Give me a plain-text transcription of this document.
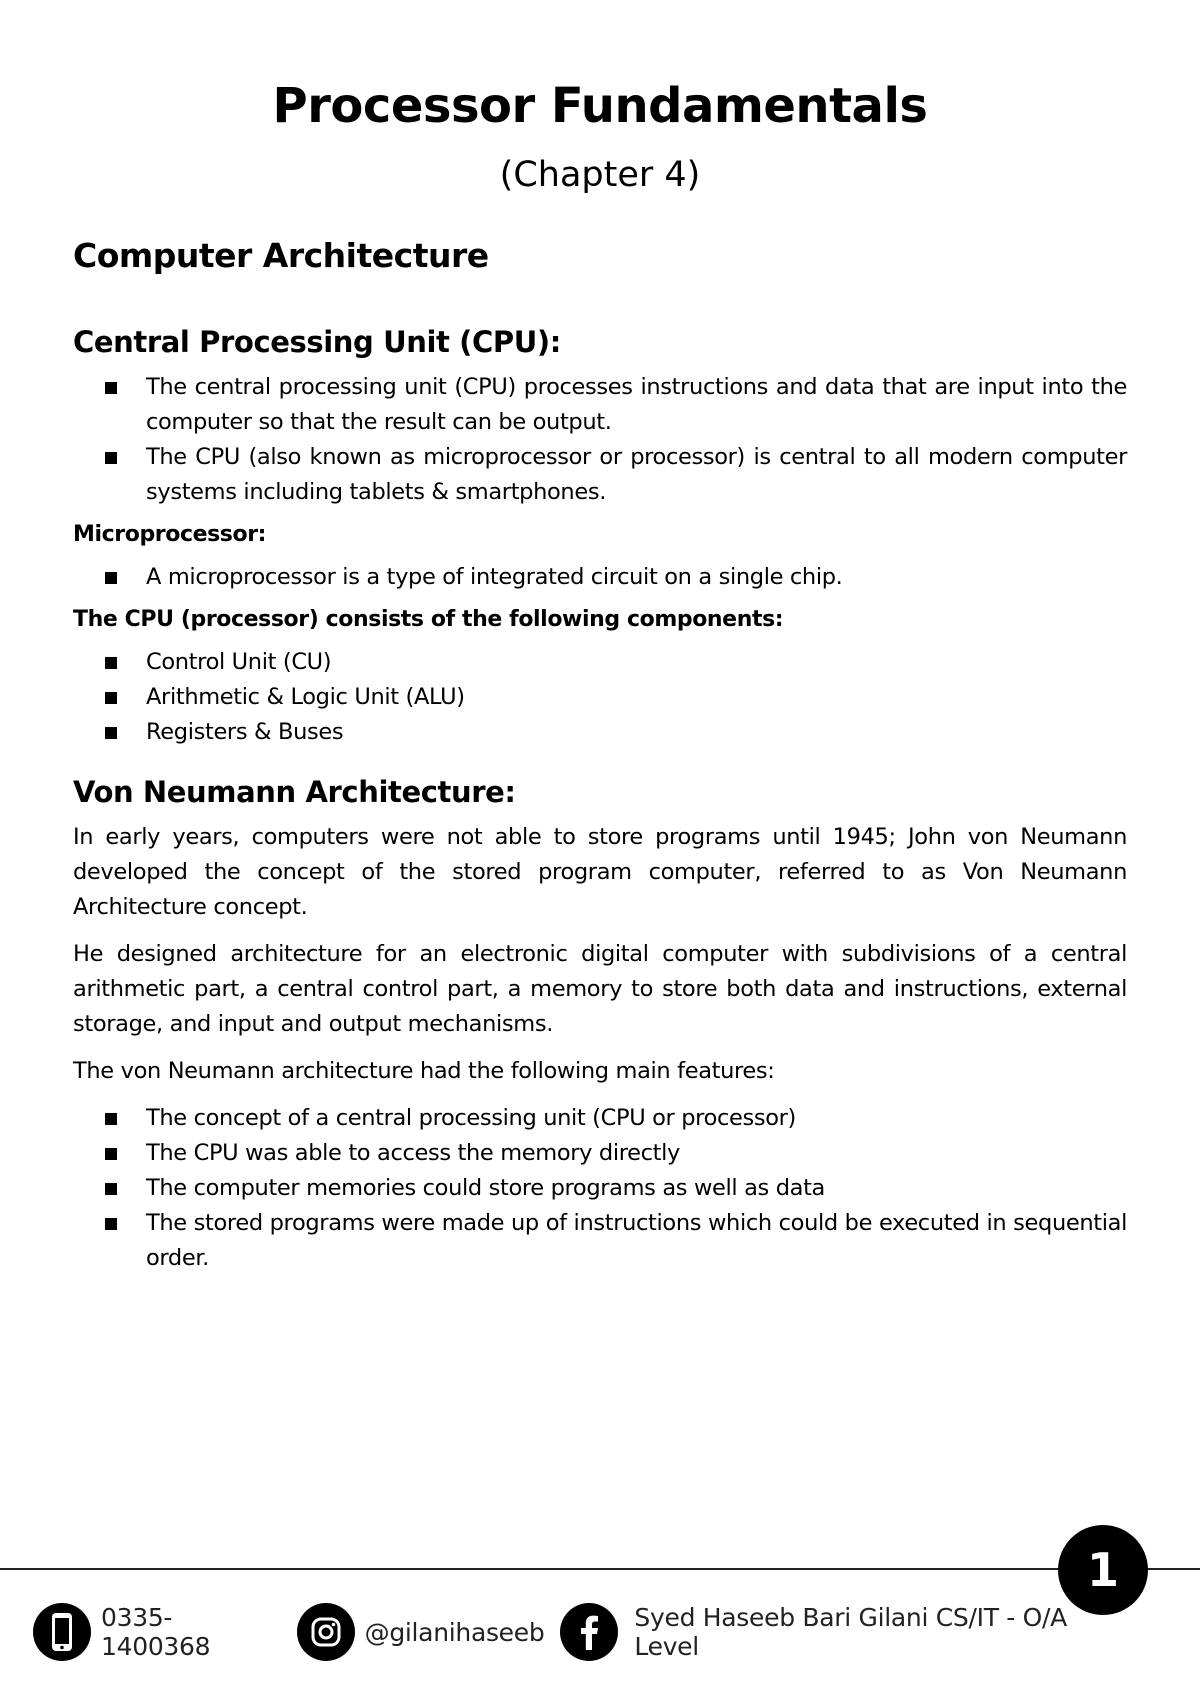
Processor Fundamentals
(Chapter 4)
Computer Architecture
Central Processing Unit (CPU):
The central processing unit (CPU) processes instructions and data that are input into the computer so that the result can be output.
The CPU (also known as microprocessor or processor) is central to all modern computer systems including tablets & smartphones.
Microprocessor:
A microprocessor is a type of integrated circuit on a single chip.
The CPU (processor) consists of the following components:
Control Unit (CU)
Arithmetic & Logic Unit (ALU)
Registers & Buses
Von Neumann Architecture:

In early years, computers were not able to store programs until 1945; John von Neumann developed the concept of the stored program computer, referred to as Von Neumann Architecture concept.

He designed architecture for an electronic digital computer with subdivisions of a central arithmetic part, a central control part, a memory to store both data and instructions, external storage, and input and output mechanisms.

The von Neumann architecture had the following main features:

The concept of a central processing unit (CPU or processor)
The CPU was able to access the memory directly
The computer memories could store programs as well as data
The stored programs were made up of instructions which could be executed in sequential order.
1
0335-1400368	@gilanihaseeb	Syed Haseeb Bari Gilani CS/IT - O/A Level
